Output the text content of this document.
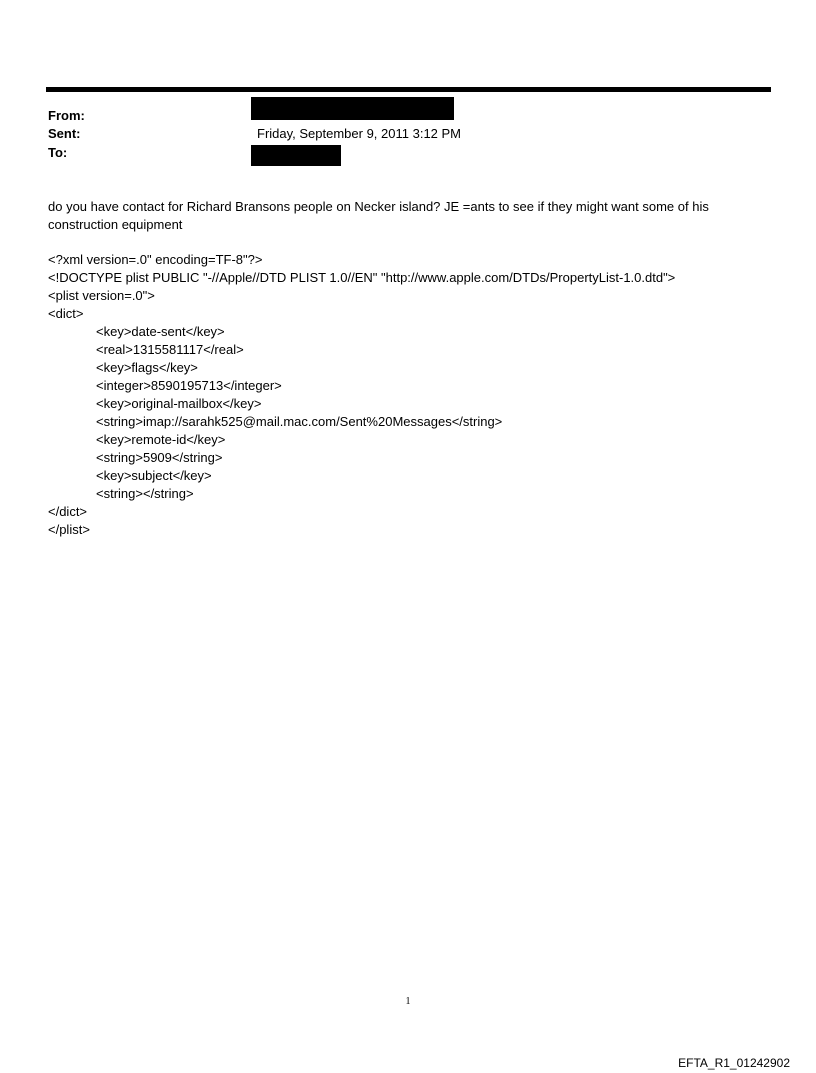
From:
Sent:	Friday, September 9, 2011 3:12 PM
To:
do you have contact for Richard Bransons people on Necker island? JE =ants to see if they might want some of his construction equipment
<?xml version=.0" encoding=TF-8"?>
<!DOCTYPE plist PUBLIC "-//Apple//DTD PLIST 1.0//EN" "http://www.apple.com/DTDs/PropertyList-1.0.dtd">
<plist version=.0">
<dict>
<key>date-sent</key>
<real>1315581117</real>
<key>flags</key>
<integer>8590195713</integer>
<key>original-mailbox</key>
<string>imap://sarahk525@mail.mac.com/Sent%20Messages</string>
<key>remote-id</key>
<string>5909</string>
<key>subject</key>
<string></string>
</dict>
</plist>
1
EFTA_R1_01242902
